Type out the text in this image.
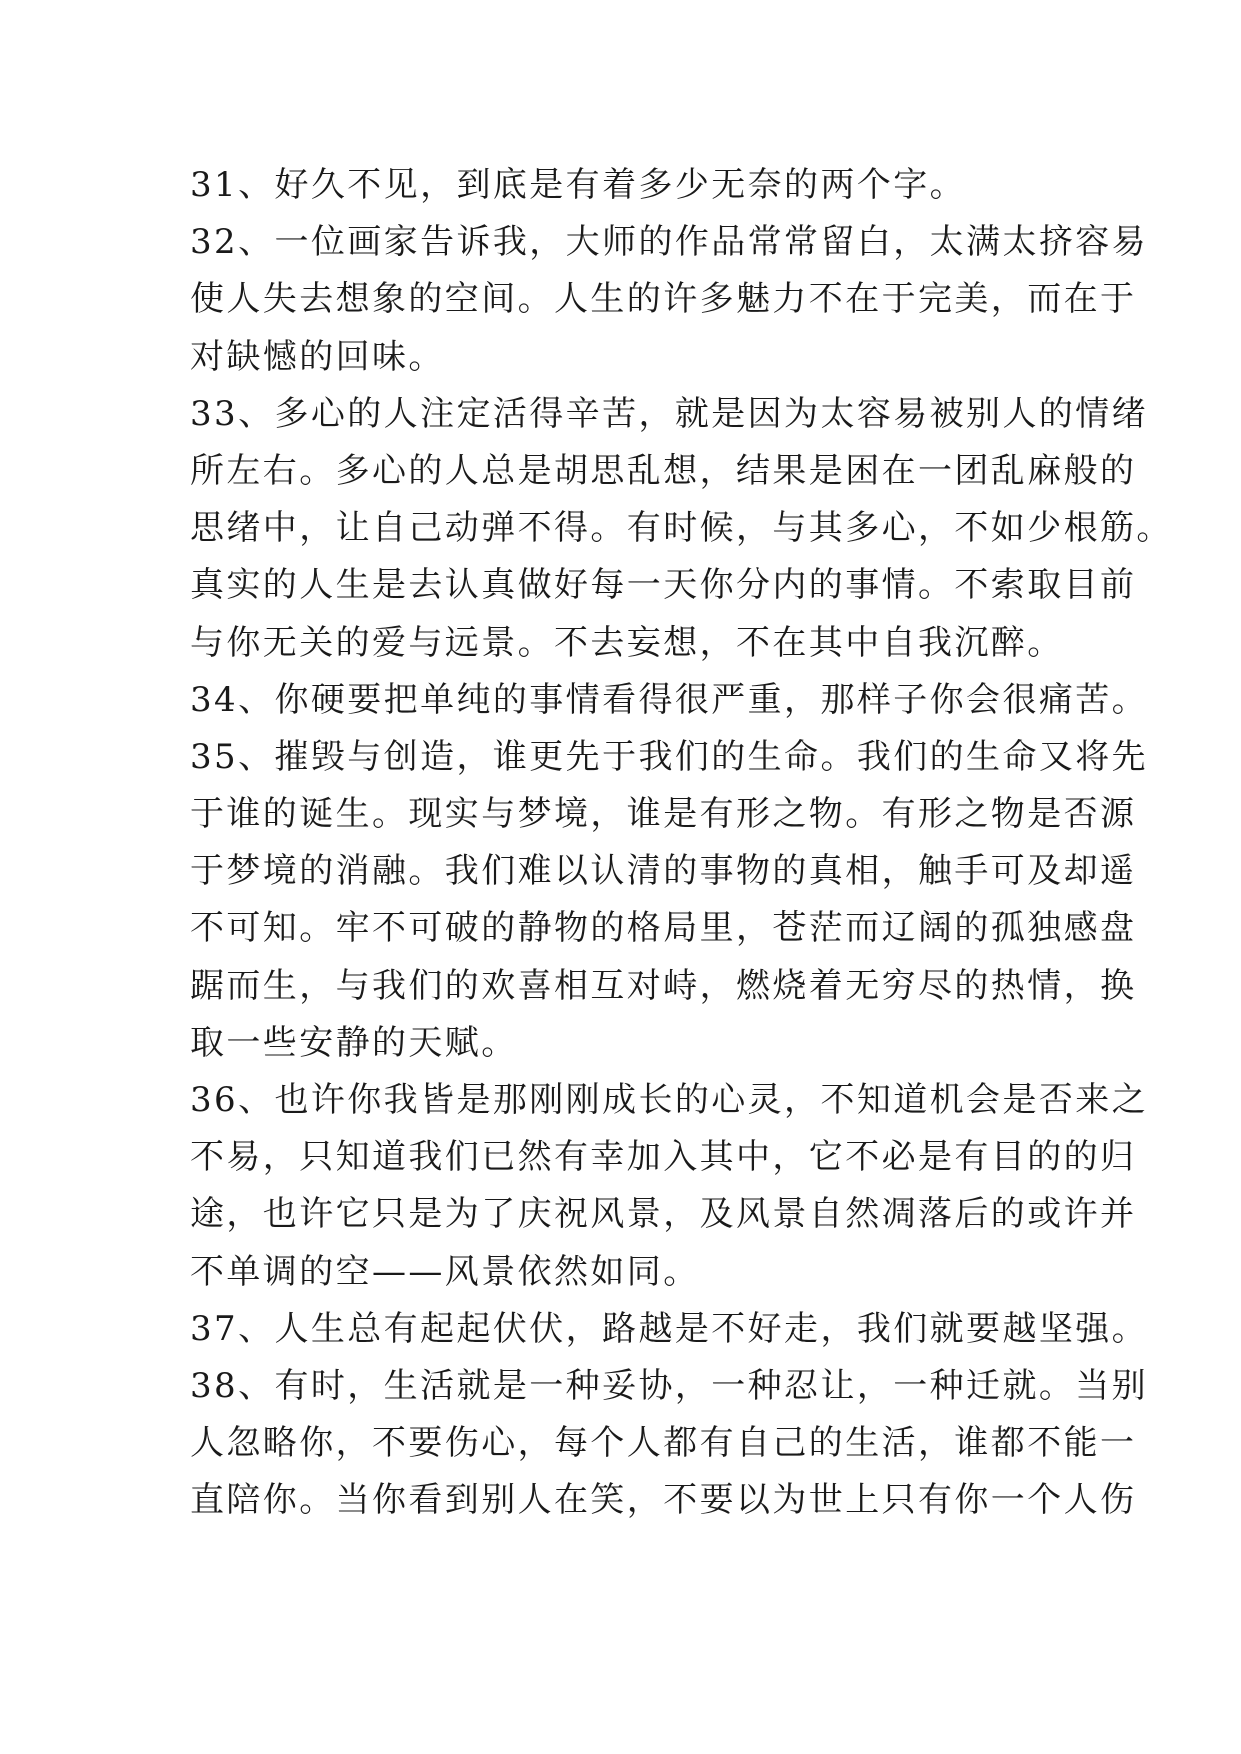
31、好久不见，到底是有着多少无奈的两个字。
32、一位画家告诉我，大师的作品常常留白，太满太挤容易
使人失去想象的空间。人生的许多魅力不在于完美，而在于
对缺憾的回味。
33、多心的人注定活得辛苦，就是因为太容易被别人的情绪
所左右。多心的人总是胡思乱想，结果是困在一团乱麻般的
思绪中，让自己动弹不得。有时候，与其多心，不如少根筋。
真实的人生是去认真做好每一天你分内的事情。不索取目前
与你无关的爱与远景。不去妄想，不在其中自我沉醉。
34、你硬要把单纯的事情看得很严重，那样子你会很痛苦。
35、摧毁与创造，谁更先于我们的生命。我们的生命又将先
于谁的诞生。现实与梦境，谁是有形之物。有形之物是否源
于梦境的消融。我们难以认清的事物的真相，触手可及却遥
不可知。牢不可破的静物的格局里，苍茫而辽阔的孤独感盘
踞而生，与我们的欢喜相互对峙，燃烧着无穷尽的热情，换
取一些安静的天赋。
36、也许你我皆是那刚刚成长的心灵，不知道机会是否来之
不易，只知道我们已然有幸加入其中，它不必是有目的的归
途，也许它只是为了庆祝风景，及风景自然凋落后的或许并
不单调的空——风景依然如同。
37、人生总有起起伏伏，路越是不好走，我们就要越坚强。
38、有时，生活就是一种妥协，一种忍让，一种迁就。当别
人忽略你，不要伤心，每个人都有自己的生活，谁都不能一
直陪你。当你看到别人在笑，不要以为世上只有你一个人伤
